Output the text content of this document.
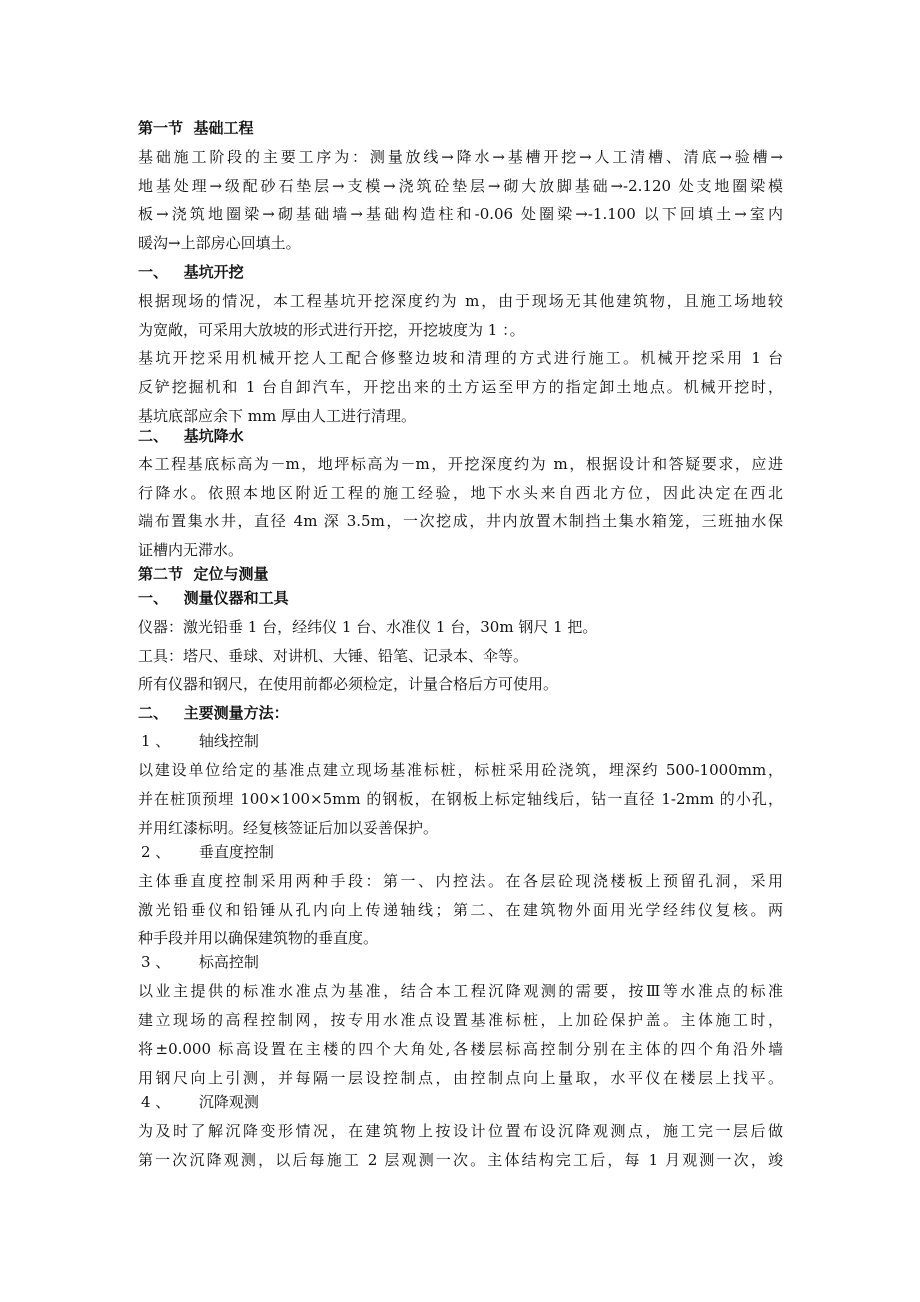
第一节  基础工程
基础施工阶段的主要工序为：测量放线→降水→基槽开挖→人工清槽、清底→验槽→
地基处理→级配砂石垫层→支模→浇筑砼垫层→砌大放脚基础→-2.120 处支地圈梁模
板→浇筑地圈梁→砌基础墙→基础构造柱和-0.06 处圈梁→-1.100 以下回填土→室内
暖沟→上部房心回填土。
一、   基坑开挖
根据现场的情况，本工程基坑开挖深度约为 m，由于现场无其他建筑物，且施工场地较
为宽敞，可采用大放坡的形式进行开挖，开挖坡度为 1 ：。
基坑开挖采用机械开挖人工配合修整边坡和清理的方式进行施工。机械开挖采用 1 台
反铲挖掘机和 1 台自卸汽车，开挖出来的土方运至甲方的指定卸土地点。机械开挖时，
基坑底部应余下 mm 厚由人工进行清理。
二、   基坑降水
本工程基底标高为－m，地坪标高为－m，开挖深度约为 m，根据设计和答疑要求，应进
行降水。依照本地区附近工程的施工经验，地下水头来自西北方位，因此决定在西北
端布置集水井，直径 4m 深 3.5m，一次挖成，井内放置木制挡土集水箱笼，三班抽水保
证槽内无滞水。
第二节  定位与测量
一、   测量仪器和工具
仪器：激光铅垂 1 台，经纬仪 1 台、水准仪 1 台，30m 钢尺 1 把。
工具：塔尺、垂球、对讲机、大锤、铅笔、记录本、伞等。
所有仪器和钢尺，在使用前都必须检定，计量合格后方可使用。
二、   主要测量方法：
1 、      轴线控制
以建设单位给定的基准点建立现场基准标桩，标桩采用砼浇筑，埋深约 500-1000mm，
并在桩顶预埋 100×100×5mm 的钢板，在钢板上标定轴线后，钻一直径 1-2mm 的小孔，
并用红漆标明。经复核签证后加以妥善保护。
2 、      垂直度控制
主体垂直度控制采用两种手段：第一、内控法。在各层砼现浇楼板上预留孔洞，采用
激光铅垂仪和铅锤从孔内向上传递轴线；第二、在建筑物外面用光学经纬仪复核。两
种手段并用以确保建筑物的垂直度。
3 、      标高控制
以业主提供的标准水准点为基准，结合本工程沉降观测的需要，按Ⅲ等水准点的标准
建立现场的高程控制网，按专用水准点设置基准标桩，上加砼保护盖。主体施工时，
将±0.000 标高设置在主楼的四个大角处,各楼层标高控制分别在主体的四个角沿外墙
用钢尺向上引测，并每隔一层设控制点，由控制点向上量取，水平仪在楼层上找平。
4 、      沉降观测
为及时了解沉降变形情况，在建筑物上按设计位置布设沉降观测点，施工完一层后做
第一次沉降观测，以后每施工 2 层观测一次。主体结构完工后，每 1 月观测一次，竣
